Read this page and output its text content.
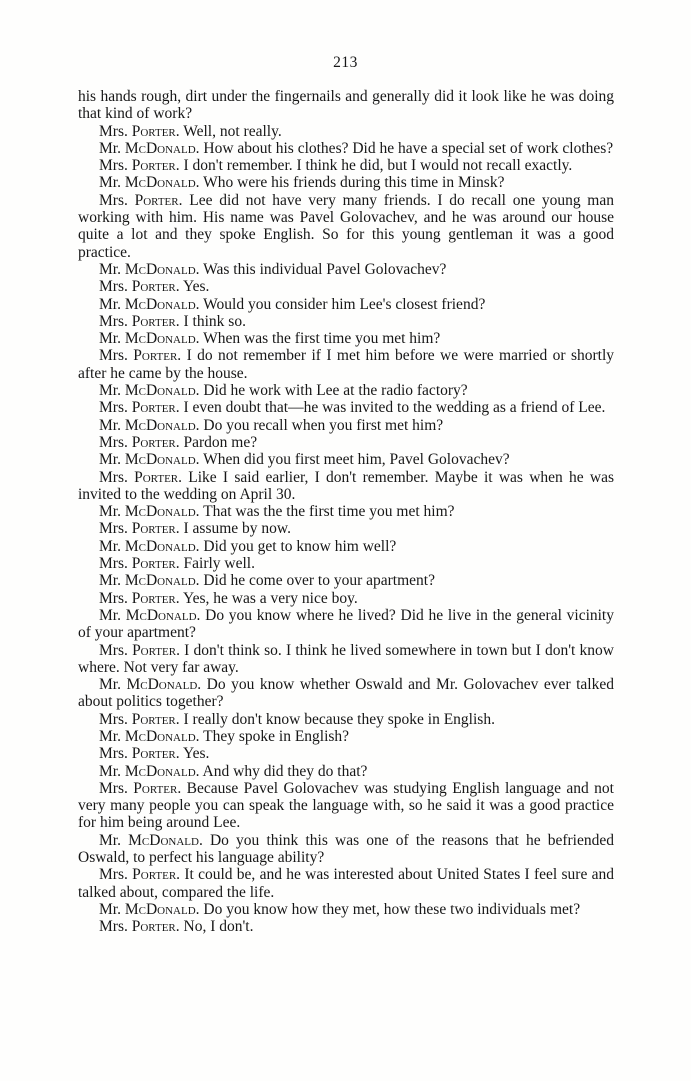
213

his hands rough, dirt under the fingernails and generally did it look like he was doing that kind of work?

Mrs. Porter. Well, not really.

Mr. McDonald. How about his clothes? Did he have a special set of work clothes?

Mrs. Porter. I don't remember. I think he did, but I would not recall exactly.

Mr. McDonald. Who were his friends during this time in Minsk?

Mrs. Porter. Lee did not have very many friends. I do recall one young man working with him. His name was Pavel Golovachev, and he was around our house quite a lot and they spoke English. So for this young gentleman it was a good practice.

Mr. McDonald. Was this individual Pavel Golovachev?

Mrs. Porter. Yes.

Mr. McDonald. Would you consider him Lee's closest friend?

Mrs. Porter. I think so.

Mr. McDonald. When was the first time you met him?

Mrs. Porter. I do not remember if I met him before we were married or shortly after he came by the house.

Mr. McDonald. Did he work with Lee at the radio factory?

Mrs. Porter. I even doubt that—he was invited to the wedding as a friend of Lee.

Mr. McDonald. Do you recall when you first met him?

Mrs. Porter. Pardon me?

Mr. McDonald. When did you first meet him, Pavel Golovachev?

Mrs. Porter. Like I said earlier, I don't remember. Maybe it was when he was invited to the wedding on April 30.

Mr. McDonald. That was the the first time you met him?

Mrs. Porter. I assume by now.

Mr. McDonald. Did you get to know him well?

Mrs. Porter. Fairly well.

Mr. McDonald. Did he come over to your apartment?

Mrs. Porter. Yes, he was a very nice boy.

Mr. McDonald. Do you know where he lived? Did he live in the general vicinity of your apartment?

Mrs. Porter. I don't think so. I think he lived somewhere in town but I don't know where. Not very far away.

Mr. McDonald. Do you know whether Oswald and Mr. Golovachev ever talked about politics together?

Mrs. Porter. I really don't know because they spoke in English.

Mr. McDonald. They spoke in English?

Mrs. Porter. Yes.

Mr. McDonald. And why did they do that?

Mrs. Porter. Because Pavel Golovachev was studying English language and not very many people you can speak the language with, so he said it was a good practice for him being around Lee.

Mr. McDonald. Do you think this was one of the reasons that he befriended Oswald, to perfect his language ability?

Mrs. Porter. It could be, and he was interested about United States I feel sure and talked about, compared the life.

Mr. McDonald. Do you know how they met, how these two individuals met?

Mrs. Porter. No, I don't.
